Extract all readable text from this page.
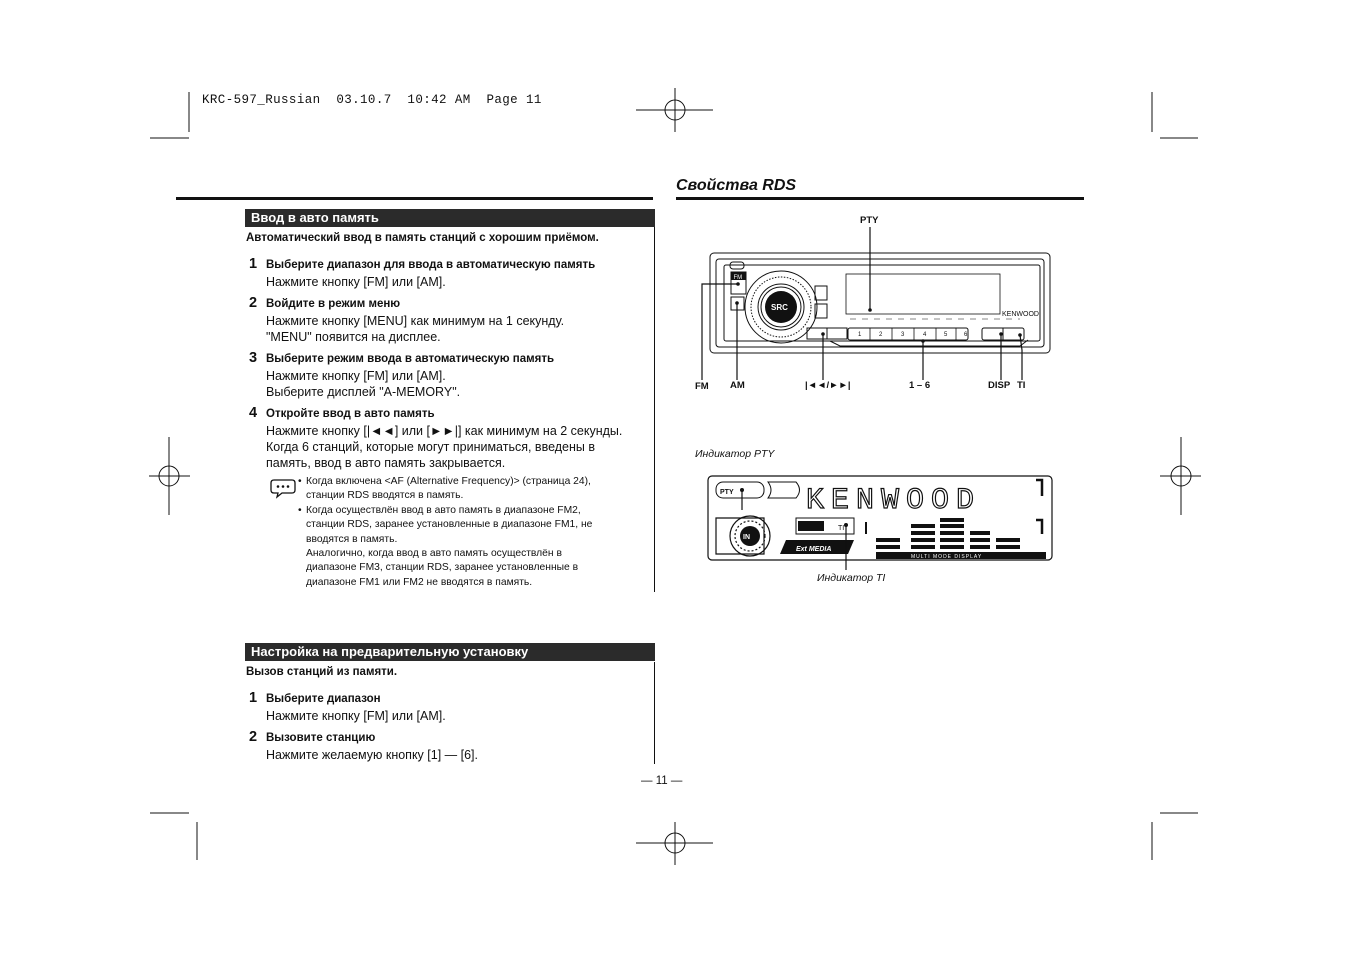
KRC-597_Russian  03.10.7  10:42 AM  Page 11
Ввод в авто память
Автоматический ввод в память станций с хорошим приёмом.
1 Выберите диапазон для ввода в автоматическую память
Нажмите кнопку [FM] или [AM].
2 Войдите в режим меню
Нажмите кнопку [MENU] как минимум на 1 секунду.
"MENU" появится на дисплее.
3 Выберите режим ввода в автоматическую память
Нажмите кнопку [FM] или [AM].
Выберите дисплей "A-MEMORY".
4 Откройте ввод в авто память
Нажмите кнопку [|◄◄] или [►►|] как минимум на 2 секунды.
Когда 6 станций, которые могут приниматься, введены в
память, ввод в авто память закрывается.
• Когда включена <AF (Alternative Frequency)> (страница 24),
станции RDS вводятся в память.
• Когда осуществлён ввод в авто память в диапазоне FM2,
станции RDS, заранее установленные в диапазоне FM1, не
вводятся в память.
Аналогично, когда ввод в авто память осуществлён в
диапазоне FM3, станции RDS, заранее установленные в
диапазоне FM1 или FM2 не вводятся в память.
Настройка на предварительную установку
Вызов станций из памяти.
1 Выберите диапазон
Нажмите кнопку [FM] или [AM].
2 Вызовите станцию
Нажмите желаемую кнопку [1] — [6].
— 11 —
Свойства RDS
FM
SRC
1	2	3	4	5	6
KENWOOD
PTY
FM AM	|◄◄/►►|	1 – 6	DISP TI
Индикатор PTY
Индикатор TI
PTY KENWOOD
IN
TI
Ext MEDIA
MULTI MODE DISPLAY
